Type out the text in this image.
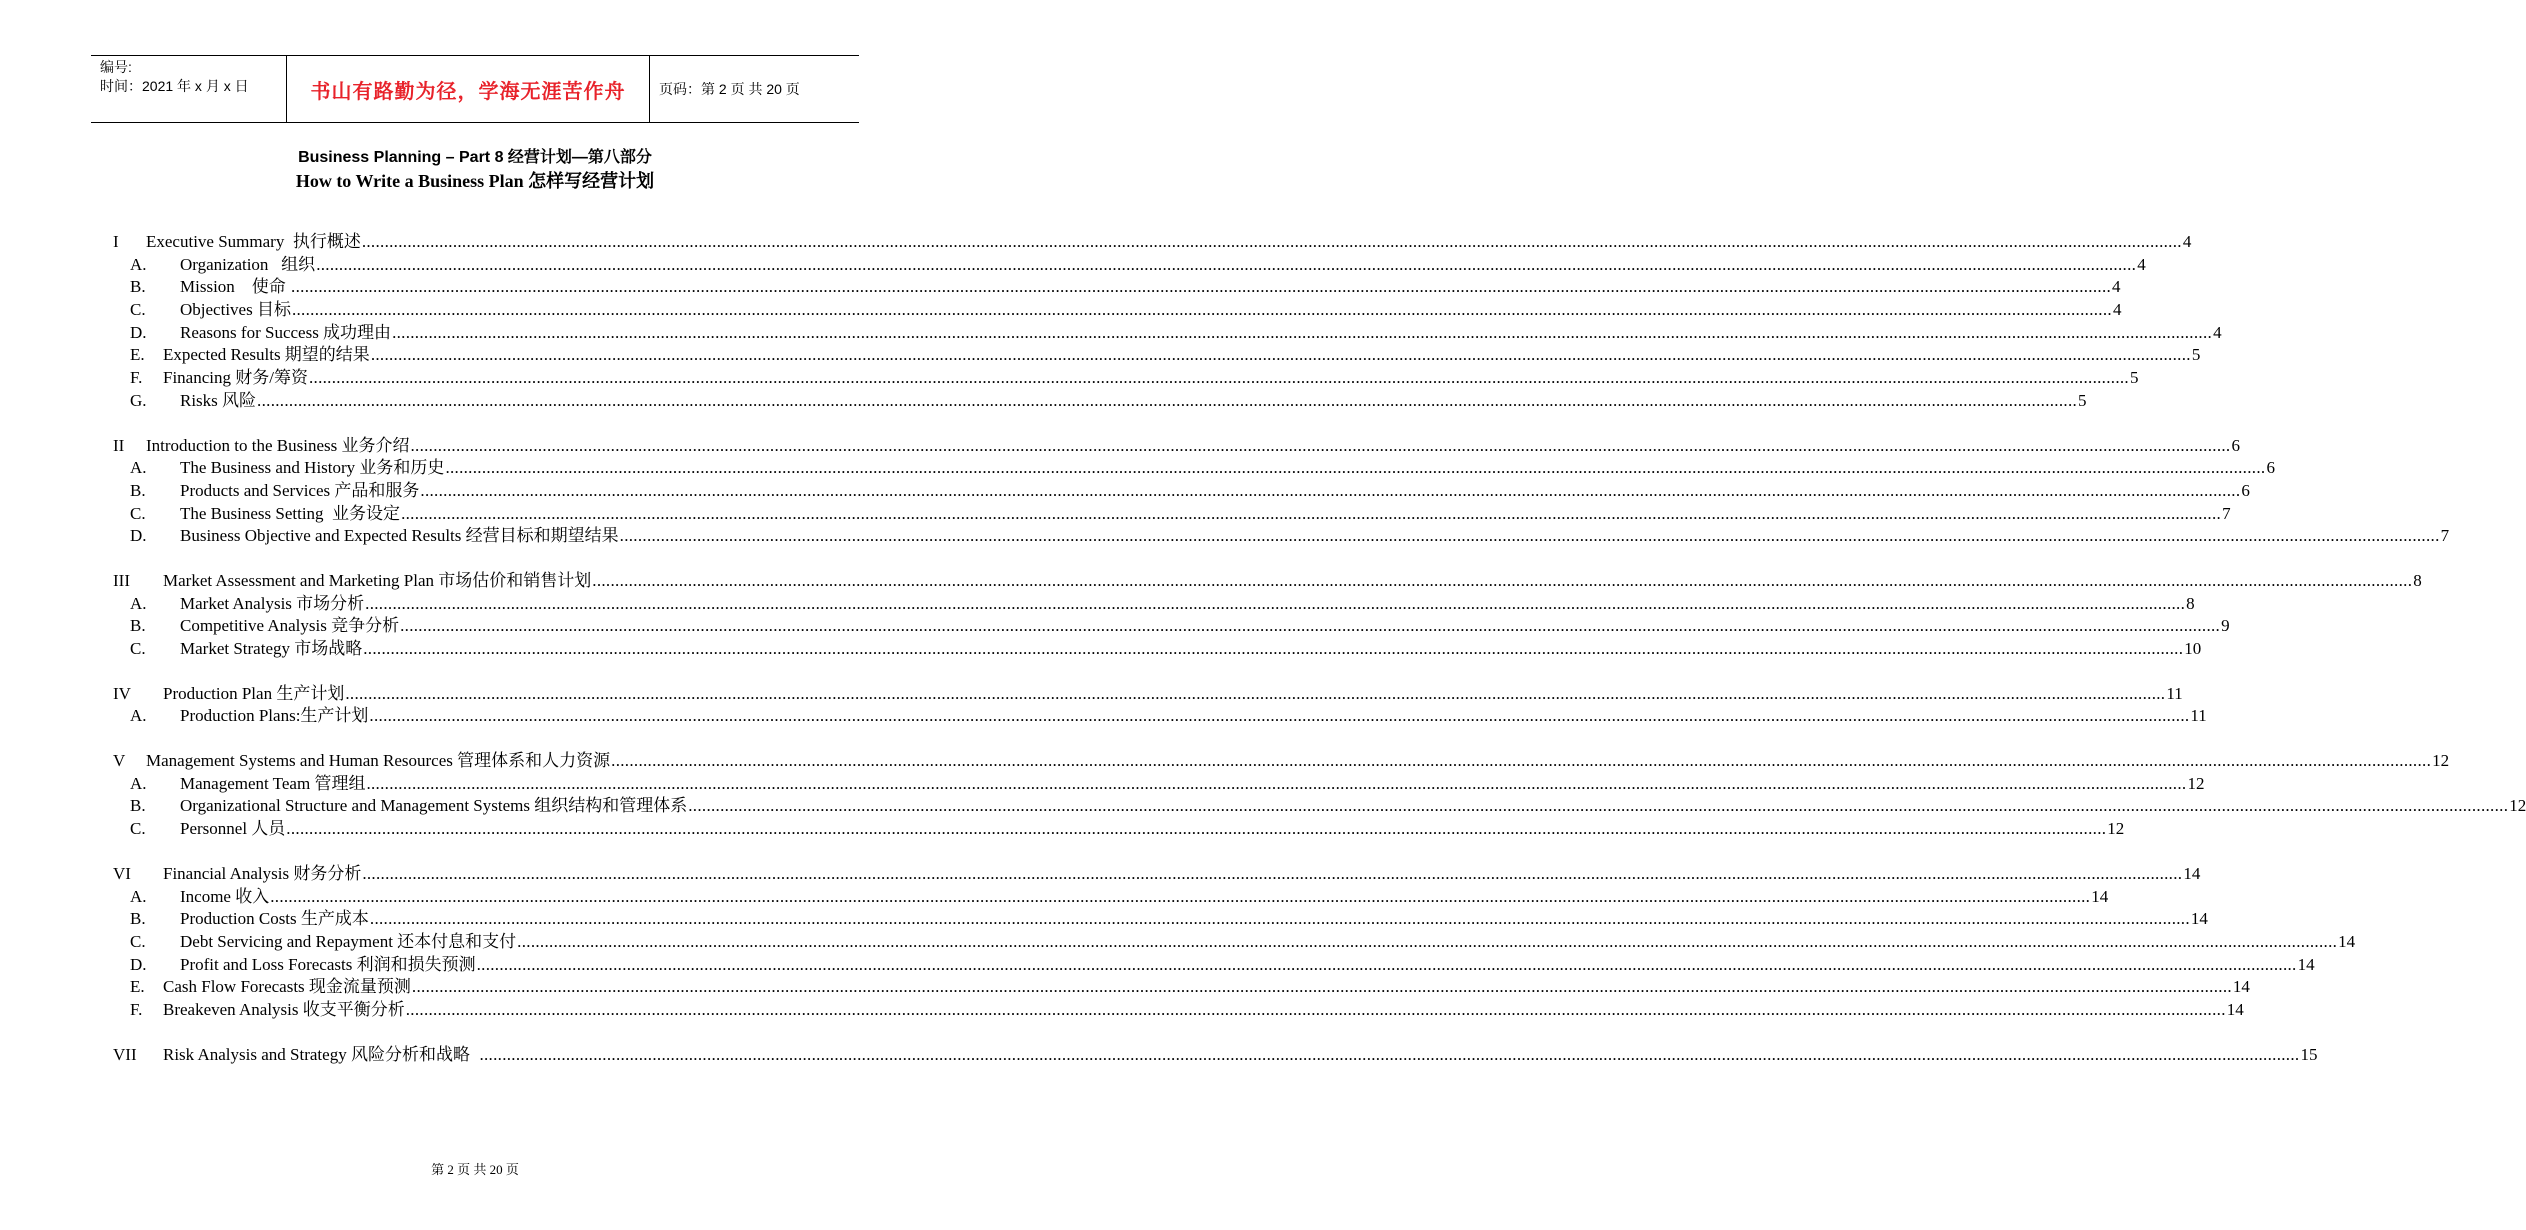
编号:
时间：2021 年 x 月 x 日	书山有路勤为径，学海无涯苦作舟	页码：第 2 页 共 20 页
Business Planning – Part 8 经营计划—第八部分
How to Write a Business Plan 怎样写经营计划
I Executive Summary  执行概述 ................................................................................................................................................................................................................................................................................................................................................................................................................ 4
A. Organization   组织 ................................................................................................................................................................................................................................................................................................................................................................................................................ 4
B. Mission    使命 ................................................................................................................................................................................................................................................................................................................................................................................................................ 4
C. Objectives 目标 ................................................................................................................................................................................................................................................................................................................................................................................................................ 4
D. Reasons for Success 成功理由 ................................................................................................................................................................................................................................................................................................................................................................................................................ 4
E. Expected Results 期望的结果 ................................................................................................................................................................................................................................................................................................................................................................................................................ 5
F. Financing 财务/筹资 ................................................................................................................................................................................................................................................................................................................................................................................................................ 5
G. Risks 风险 ................................................................................................................................................................................................................................................................................................................................................................................................................ 5
II Introduction to the Business 业务介绍 ................................................................................................................................................................................................................................................................................................................................................................................................................ 6
A. The Business and History 业务和历史 ................................................................................................................................................................................................................................................................................................................................................................................................................ 6
B. Products and Services 产品和服务 ................................................................................................................................................................................................................................................................................................................................................................................................................ 6
C. The Business Setting  业务设定 ................................................................................................................................................................................................................................................................................................................................................................................................................ 7
D. Business Objective and Expected Results 经营目标和期望结果 ................................................................................................................................................................................................................................................................................................................................................................................................................ 7
III Market Assessment and Marketing Plan 市场估价和销售计划 ................................................................................................................................................................................................................................................................................................................................................................................................................ 8
A. Market Analysis 市场分析 ................................................................................................................................................................................................................................................................................................................................................................................................................ 8
B. Competitive Analysis 竞争分析 ................................................................................................................................................................................................................................................................................................................................................................................................................ 9
C. Market Strategy 市场战略 ................................................................................................................................................................................................................................................................................................................................................................................................................ 10
IV Production Plan 生产计划 ................................................................................................................................................................................................................................................................................................................................................................................................................ 11
A. Production Plans:生产计划 ................................................................................................................................................................................................................................................................................................................................................................................................................ 11
V Management Systems and Human Resources 管理体系和人力资源 ................................................................................................................................................................................................................................................................................................................................................................................................................ 12
A. Management Team 管理组 ................................................................................................................................................................................................................................................................................................................................................................................................................ 12
B. Organizational Structure and Management Systems 组织结构和管理体系 ................................................................................................................................................................................................................................................................................................................................................................................................................ 12
C. Personnel 人员 ................................................................................................................................................................................................................................................................................................................................................................................................................ 12
VI Financial Analysis 财务分析 ................................................................................................................................................................................................................................................................................................................................................................................................................ 14
A. Income 收入 ................................................................................................................................................................................................................................................................................................................................................................................................................ 14
B. Production Costs 生产成本 ................................................................................................................................................................................................................................................................................................................................................................................................................ 14
C. Debt Servicing and Repayment 还本付息和支付 ................................................................................................................................................................................................................................................................................................................................................................................................................ 14
D. Profit and Loss Forecasts 利润和损失预测 ................................................................................................................................................................................................................................................................................................................................................................................................................ 14
E. Cash Flow Forecasts 现金流量预测 ................................................................................................................................................................................................................................................................................................................................................................................................................ 14
F. Breakeven Analysis 收支平衡分析 ................................................................................................................................................................................................................................................................................................................................................................................................................ 14
VII Risk Analysis and Strategy 风险分析和战略 ................................................................................................................................................................................................................................................................................................................................................................................................................ 15
第 2 页 共 20 页
